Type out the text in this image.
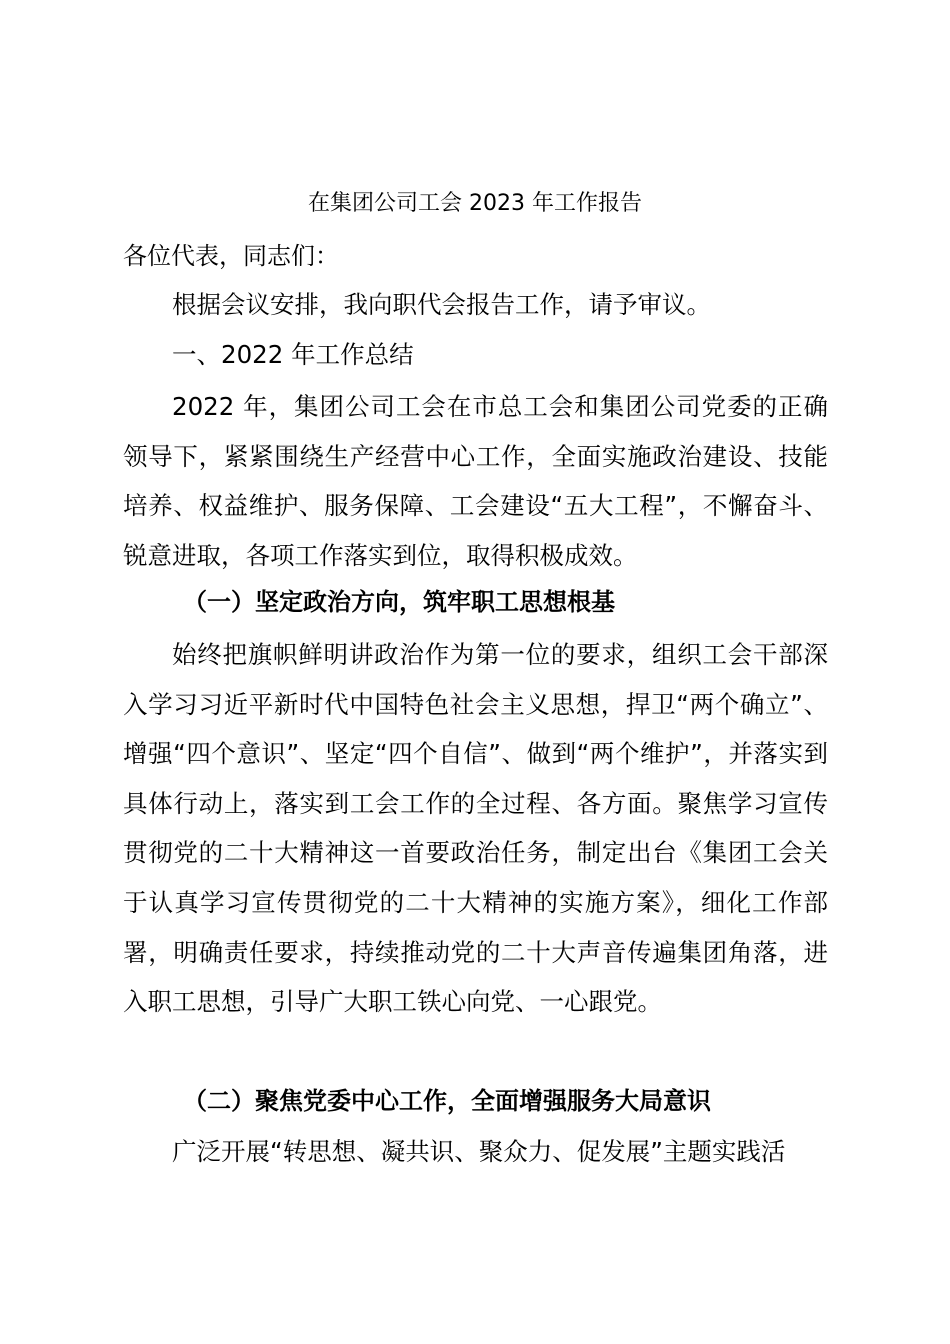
在集团公司工会 2023 年工作报告
各位代表，同志们：
根据会议安排，我向职代会报告工作，请予审议。
一、2022 年工作总结
2022 年，集团公司工会在市总工会和集团公司党委的正确领导下，紧紧围绕生产经营中心工作，全面实施政治建设、技能培养、权益维护、服务保障、工会建设“五大工程”，不懈奋斗、锐意进取，各项工作落实到位，取得积极成效。
（一）坚定政治方向，筑牢职工思想根基
始终把旗帜鲜明讲政治作为第一位的要求，组织工会干部深入学习习近平新时代中国特色社会主义思想，捍卫“两个确立”、增强“四个意识”、坚定“四个自信”、做到“两个维护”，并落实到具体行动上，落实到工会工作的全过程、各方面。聚焦学习宣传贯彻党的二十大精神这一首要政治任务，制定出台《集团工会关于认真学习宣传贯彻党的二十大精神的实施方案》，细化工作部署，明确责任要求，持续推动党的二十大声音传遍集团角落，进入职工思想，引导广大职工铁心向党、一心跟党。
（二）聚焦党委中心工作，全面增强服务大局意识
广泛开展“转思想、凝共识、聚众力、促发展”主题实践活
